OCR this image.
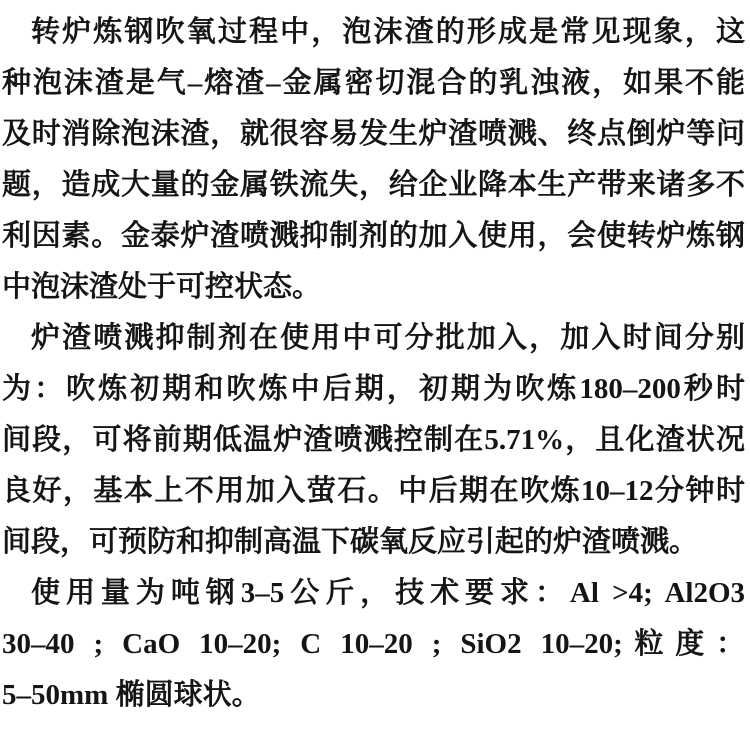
转炉炼钢吹氧过程中，泡沫渣的形成是常见现象，这
种泡沫渣是气–熔渣–金属密切混合的乳浊液，如果不能
及时消除泡沫渣，就很容易发生炉渣喷溅、终点倒炉等问
题，造成大量的金属铁流失，给企业降本生产带来诸多不
利因素。金泰炉渣喷溅抑制剂的加入使用，会使转炉炼钢
中泡沫渣处于可控状态。
炉渣喷溅抑制剂在使用中可分批加入，加入时间分别
为：吹炼初期和吹炼中后期，初期为吹炼180–200秒时
间段，可将前期低温炉渣喷溅控制在5.71%，且化渣状况
良好，基本上不用加入萤石。中后期在吹炼10–12分钟时
间段，可预防和抑制高温下碳氧反应引起的炉渣喷溅。
使用量为吨钢3–5公斤，技术要求：Al >4; Al2O3
30–40 ; CaO 10–20; C 10–20 ; SiO2 10–20;粒度：
5–50mm 椭圆球状。
